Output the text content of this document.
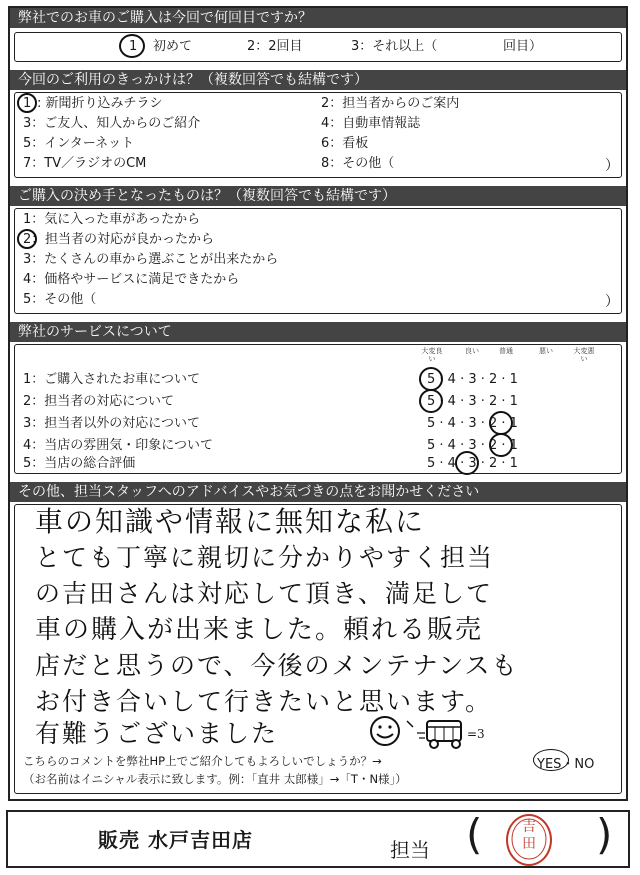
弊社でのお車のご購入は今回で何回目ですか？
1 初めて	2：2回目	3：それ以上（	回目）
今回のご利用のきっかけは？（複数回答でも結構です）
1 : 新聞折り込みチラシ	2：担当者からのご案内
3：ご友人、知人からのご紹介	4：自動車情報誌
5：インターネット	6：看板
7：TV／ラジオのCM	8：その他（	）
ご購入の決め手となったものは？（複数回答でも結構です）
1：気に入った車があったから
2： 担当者の対応が良かったから
3：たくさんの車から選ぶことが出来たから
4：価格やサービスに満足できたから
5：その他（	）
弊社のサービスについて
大変良い
良い	普通	悪い	大変悪い
1：ご購入されたお車について	5 · 4 · 3 · 2 · 1
2：担当者の対応について	5 · 4 · 3 · 2 · 1
3：担当者以外の対応について	5 · 4 · 3 · 2 · 1
4：当店の雰囲気・印象について	5 · 4 · 3 · 2 · 1
5：当店の総合評価	5 · 4 · 3 · 2 · 1
その他、担当スタッフへのアドバイスやお気づきの点をお聞かせください
車の知識や情報に無知な私に
とても丁寧に親切に分かりやすく担当
の吉田さんは対応して頂き、満足して
車の購入が出来ました。頼れる販売
店だと思うので、今後のメンテナンスも
お付き合いして行きたいと思います。
有難うございました	=3
こちらのコメントを弊社HP上でご紹介してもよろしいでしょうか？→	YES・NO
（お名前はイニシャル表示に致します。例：「直井 太郎様」→「T・N様」）
販売 水戸吉田店	担当 (	吉田 )
